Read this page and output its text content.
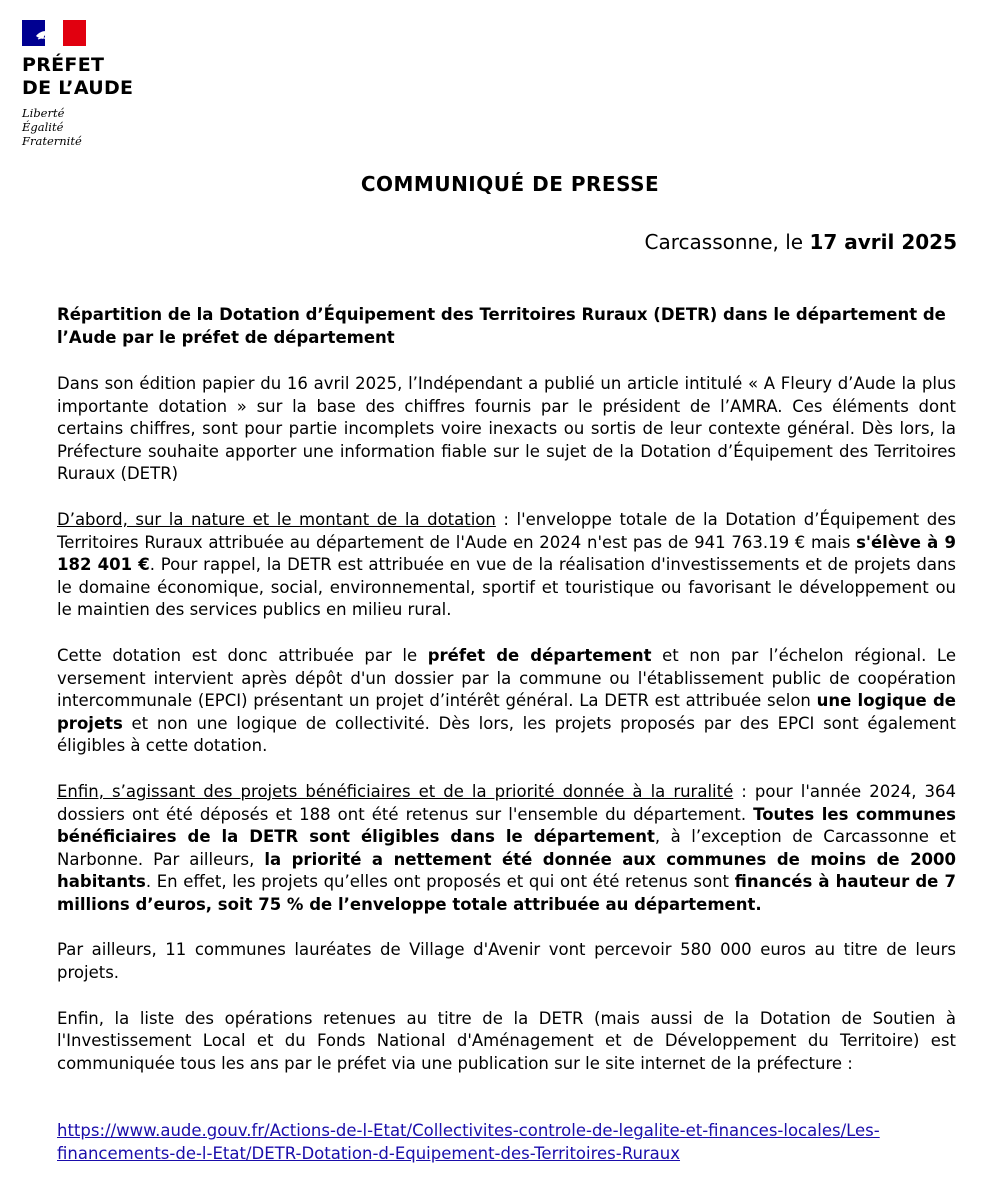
PRÉFET
DE L’AUDE
Liberté
Égalité
Fraternité
COMMUNIQUÉ DE PRESSE
Carcassonne, le 17 avril 2025
Répartition de la Dotation d’Équipement des Territoires Ruraux (DETR) dans le département de l’Aude par le préfet de département

Dans son édition papier du 16 avril 2025, l’Indépendant a publié un article intitulé « A Fleury d’Aude la plus importante dotation » sur la base des chiffres fournis par le président de l’AMRA. Ces éléments dont certains chiffres, sont pour partie incomplets voire inexacts ou sortis de leur contexte général. Dès lors, la Préfecture souhaite apporter une information fiable sur le sujet de la Dotation d’Équipement des Territoires Ruraux (DETR)

D’abord, sur la nature et le montant de la dotation : l'enveloppe totale de la Dotation d’Équipement des Territoires Ruraux attribuée au département de l'Aude en 2024 n'est pas de 941 763.19 € mais s'élève à 9 182 401 €. Pour rappel, la DETR est attribuée en vue de la réalisation d'investissements et de projets dans le domaine économique, social, environnemental, sportif et touristique ou favorisant le développement ou le maintien des services publics en milieu rural.

Cette dotation est donc attribuée par le préfet de département et non par l’échelon régional. Le versement intervient après dépôt d'un dossier par la commune ou l'établissement public de coopération intercommunale (EPCI) présentant un projet d’intérêt général. La DETR est attribuée selon une logique de projets et non une logique de collectivité. Dès lors, les projets proposés par des EPCI sont également éligibles à cette dotation.

Enfin, s’agissant des projets bénéficiaires et de la priorité donnée à la ruralité : pour l'année 2024, 364 dossiers ont été déposés et 188 ont été retenus sur l'ensemble du département. Toutes les communes bénéficiaires de la DETR sont éligibles dans le département, à l’exception de Carcassonne et Narbonne. Par ailleurs, la priorité a nettement été donnée aux communes de moins de 2000 habitants. En effet, les projets qu’elles ont proposés et qui ont été retenus sont financés à hauteur de 7 millions d’euros, soit 75 % de l’enveloppe totale attribuée au département.

Par ailleurs, 11 communes lauréates de Village d'Avenir vont percevoir 580 000 euros au titre de leurs projets.

Enfin, la liste des opérations retenues au titre de la DETR (mais aussi de la Dotation de Soutien à l'Investissement Local et du Fonds National d'Aménagement et de Développement du Territoire) est communiquée tous les ans par le préfet via une publication sur le site internet de la préfecture :

https://www.aude.gouv.fr/Actions-de-l-Etat/Collectivites-controle-de-legalite-et-finances-locales/Les-
financements-de-l-Etat/DETR-Dotation-d-Equipement-des-Territoires-Ruraux
